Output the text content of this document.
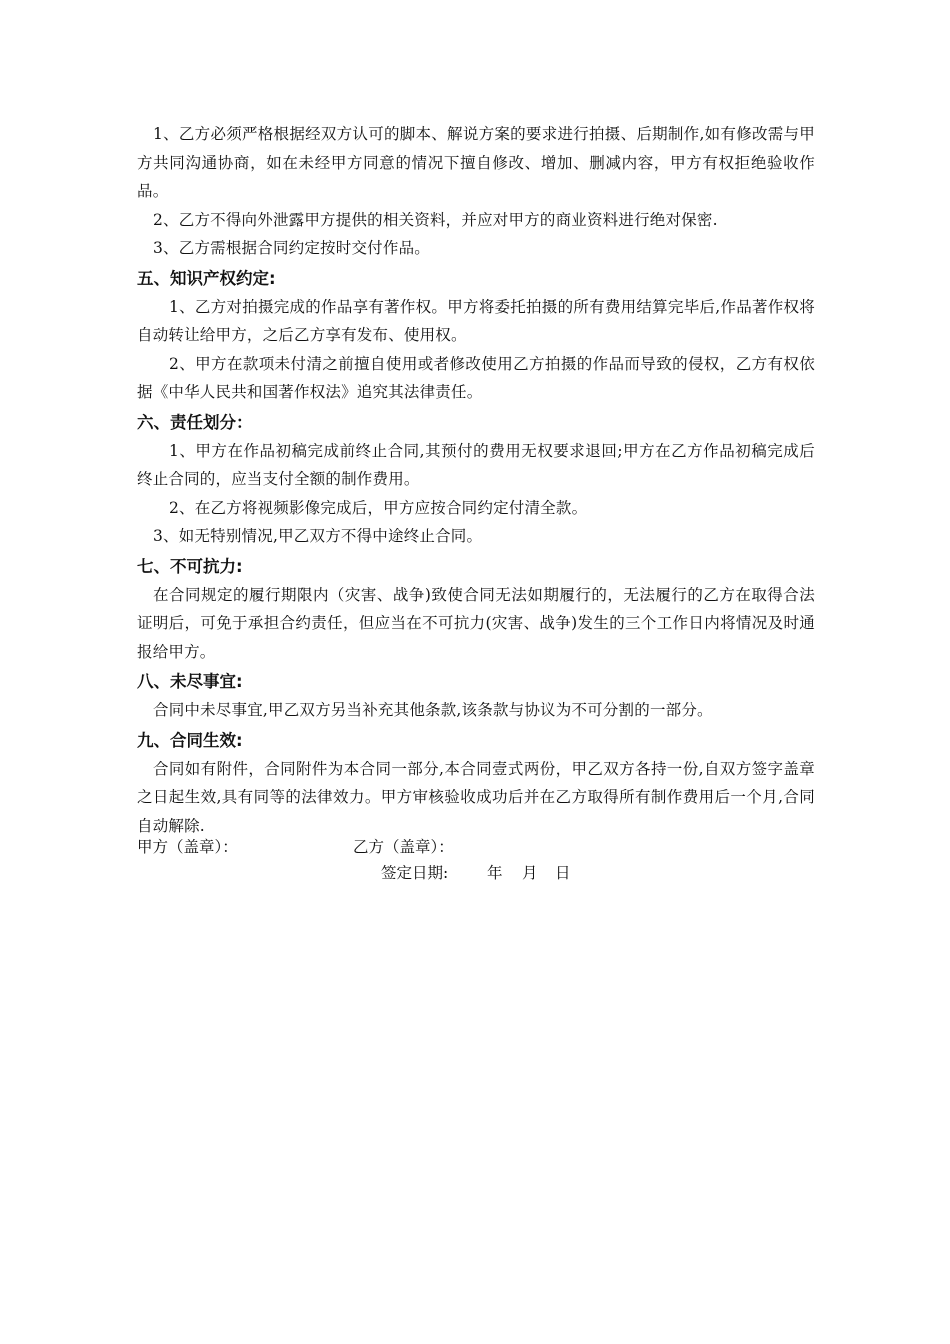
1、乙方必须严格根据经双方认可的脚本、解说方案的要求进行拍摄、后期制作,如有修改需与甲方共同沟通协商，如在未经甲方同意的情况下擅自修改、增加、删减内容，甲方有权拒绝验收作品。

2、乙方不得向外泄露甲方提供的相关资料，并应对甲方的商业资料进行绝对保密.

3、乙方需根据合同约定按时交付作品。

五、知识产权约定:

1、乙方对拍摄完成的作品享有著作权。甲方将委托拍摄的所有费用结算完毕后,作品著作权将自动转让给甲方，之后乙方享有发布、使用权。

2、甲方在款项未付清之前擅自使用或者修改使用乙方拍摄的作品而导致的侵权，乙方有权依据《中华人民共和国著作权法》追究其法律责任。

六、责任划分：

1、甲方在作品初稿完成前终止合同,其预付的费用无权要求退回;甲方在乙方作品初稿完成后终止合同的，应当支付全额的制作费用。

2、在乙方将视频影像完成后，甲方应按合同约定付清全款。

3、如无特别情况,甲乙双方不得中途终止合同。

七、不可抗力:

在合同规定的履行期限内（灾害、战争)致使合同无法如期履行的，无法履行的乙方在取得合法证明后，可免于承担合约责任，但应当在不可抗力(灾害、战争)发生的三个工作日内将情况及时通报给甲方。

八、未尽事宜:

合同中未尽事宜,甲乙双方另当补充其他条款,该条款与协议为不可分割的一部分。

九、合同生效:

合同如有附件，合同附件为本合同一部分,本合同壹式两份，甲乙双方各持一份,自双方签字盖章之日起生效,具有同等的法律效力。甲方审核验收成功后并在乙方取得所有制作费用后一个月,合同自动解除.

甲方（盖章）：	乙方（盖章）：
签定日期:	年 月 日
